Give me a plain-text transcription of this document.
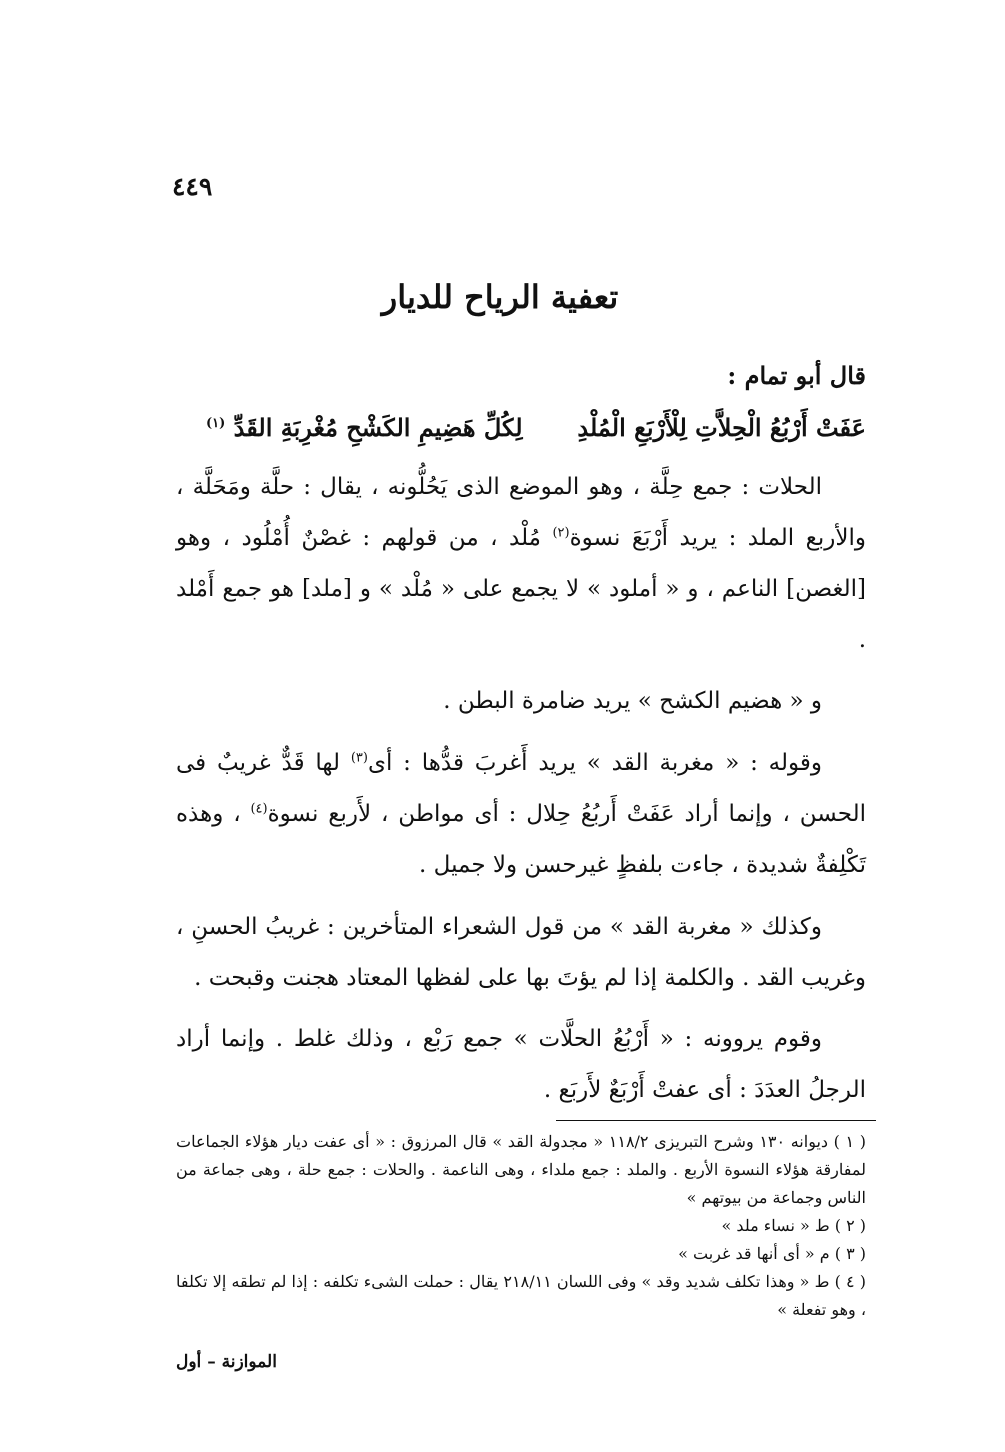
٤٤٩
تعفية الرياح للديار
قال أبو تمام :
عَفَتْ أَرْبُعُ الْحِلاَّتِ لِلْأَرْبَعِ الْمُلْدِ
لِكُلِّ هَضِيمِ الكَشْحِ مُغْرِبَةِ القَدِّ $^{(١)}$
الحلات : جمع حِلَّة ، وهو الموضع الذى يَحُلُّونه ، يقال : حلَّة ومَحَلَّة ، والأربع الملد : يريد أَرْبَعَ نسوة$^{(٢)}$ مُلْد ، من قولهم : غصْنٌ أُمْلُود ، وهو [الغصن] الناعم ، و « أملود » لا يجمع على « مُلْد » و [ملد] هو جمع أَمْلد .
و « هضيم الكشح » يريد ضامرة البطن .
وقوله : « مغربة القد » يريد أَغربَ قدُّها : أى$^{(٣)}$ لها قَدٌّ غريبٌ فى الحسن ، وإنما أراد عَفَتْ أَربُعُ حِلال : أى مواطن ، لأَربع نسوة$^{(٤)}$ ، وهذه تَكْلِفةٌ شديدة ، جاءت بلفظٍ غيرحسن ولا جميل .
وكذلك « مغربة القد » من قول الشعراء المتأخرين : غريبُ الحسنِ ، وغريب القد . والكلمة إذا لم يؤتَ بها على لفظها المعتاد هجنت وقبحت .
وقوم يروونه : « أَرْبُعُ الحلَّات » جمع رَبْع ، وذلك غلط . وإنما أراد الرجلُ العدَدَ : أى عفتْ أَرْبَعٌ لأَربَع .

( ١ ) ديوانه ١٣٠ وشرح التبريزى ١١٨/٢ « مجدولة القد » قال المرزوق : « أى عفت ديار هؤلاء الجماعات لمفارقة هؤلاء النسوة الأربع . والملد : جمع ملداء ، وهى الناعمة . والحلات : جمع حلة ، وهى جماعة من الناس وجماعة من بيوتهم »

( ٢ ) ط « نساء ملد »

( ٣ ) م « أى أنها قد غربت »

( ٤ ) ط « وهذا تكلف شديد وقد » وفى اللسان ٢١٨/١١ يقال : حملت الشىء تكلفه : إذا لم تطقه إلا تكلفا ، وهو تفعلة »

الموازنة – أول
